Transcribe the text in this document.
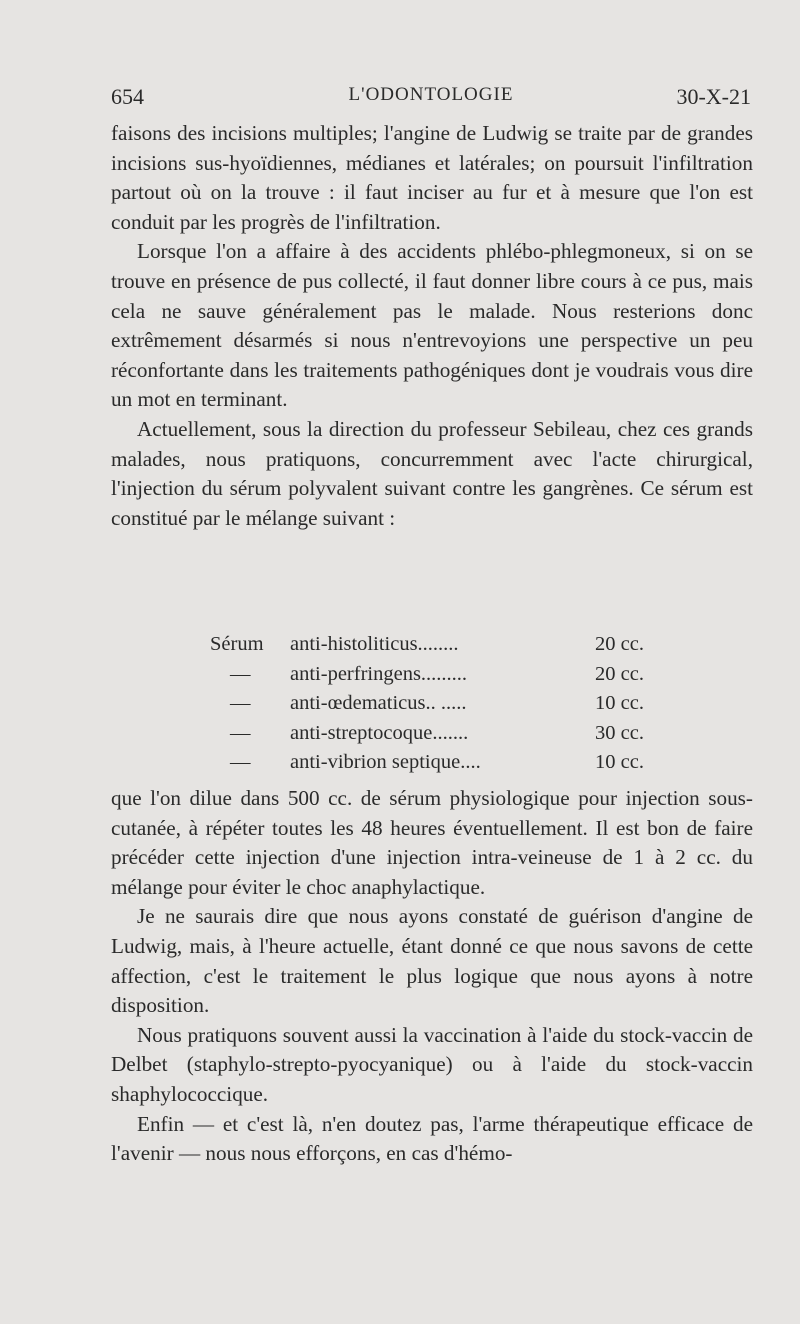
654	L'ODONTOLOGIE	30-X-21

faisons des incisions multiples; l'angine de Ludwig se traite par de grandes incisions sus-hyoïdiennes, médianes et latérales; on poursuit l'infiltration partout où on la trouve : il faut inciser au fur et à mesure que l'on est conduit par les progrès de l'infiltration.

Lorsque l'on a affaire à des accidents phlébo-phlegmoneux, si on se trouve en présence de pus collecté, il faut donner libre cours à ce pus, mais cela ne sauve généralement pas le malade. Nous resterions donc extrêmement désarmés si nous n'entrevoyions une perspective un peu réconfortante dans les traitements pathogéniques dont je voudrais vous dire un mot en terminant.

Actuellement, sous la direction du professeur Sebileau, chez ces grands malades, nous pratiquons, concurremment avec l'acte chirurgical, l'injection du sérum polyvalent suivant contre les gangrènes. Ce sérum est constitué par le mélange suivant :

Sérum	anti-histoliticus........	20 cc.
—	anti-perfringens.........	20 cc.
—	anti-œdematicus.. .....	10 cc.
—	anti-streptocoque.......	30 cc.
—	anti-vibrion septique....	10 cc.

que l'on dilue dans 500 cc. de sérum physiologique pour injection sous-cutanée, à répéter toutes les 48 heures éventuellement. Il est bon de faire précéder cette injection d'une injection intra-veineuse de 1 à 2 cc. du mélange pour éviter le choc anaphylactique.

Je ne saurais dire que nous ayons constaté de guérison d'angine de Ludwig, mais, à l'heure actuelle, étant donné ce que nous savons de cette affection, c'est le traitement le plus logique que nous ayons à notre disposition.

Nous pratiquons souvent aussi la vaccination à l'aide du stock-vaccin de Delbet (staphylo-strepto-pyocyanique) ou à l'aide du stock-vaccin shaphylococcique.

Enfin — et c'est là, n'en doutez pas, l'arme thérapeutique efficace de l'avenir — nous nous efforçons, en cas d'hémo-
